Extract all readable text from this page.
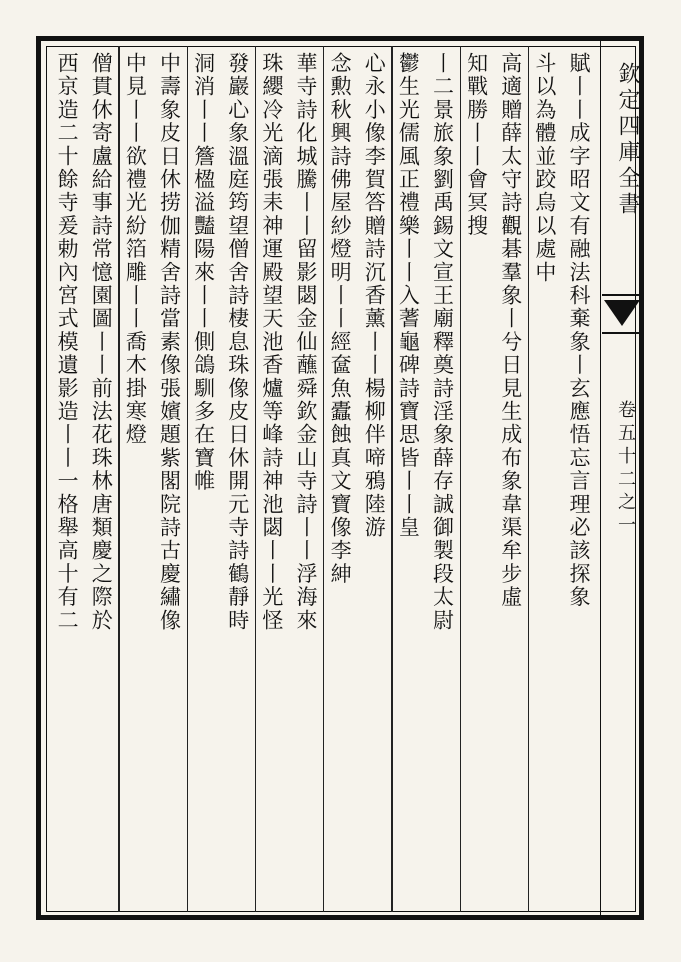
欽定四庫全書
卷五十二之一
賦丨丨成字昭文有融法科棄象丨玄應悟忘言理必該探象
斗以為體並跤烏以處中
高適贈薛太守詩觀碁羣象丨兮日見生成布象韋渠牟步虛
知戰勝丨丨會冥搜
丨二景旅象劉禹錫文宣王廟釋奠詩淫象薛存誠御製段太尉
鬱生光儒風正禮樂丨丨入蓍龜碑詩寶思皆丨丨皇
心永小像李賀答贈詩沉香薰丨丨楊柳伴啼鴉陸游
念勲秋興詩佛屋紗燈明丨丨經奩魚蠹蝕真文寶像李紳
華寺詩化城騰丨丨留影閟金仙蘸舜欽金山寺詩丨丨浮海來
珠纓冷光滴張耒神運殿望天池香爐等峰詩神池閟丨丨光怪
發巖心象溫庭筠望僧舍詩棲息珠像皮日休開元寺詩鶴靜時
洞消丨丨簷楹溢豔陽來丨丨側鴿馴多在寶帷
中壽象皮日休捞伽精舍詩當素像張嬪題紫閣院詩古慶繡像
中見丨丨欲禮光紛箔雕丨丨喬木掛寒燈
僧貫休寄盧給事詩常憶園圖丨丨前法花珠林唐類慶之際於
西京造二十餘寺爰勅內宮式模遺影造丨丨一格舉高十有二
